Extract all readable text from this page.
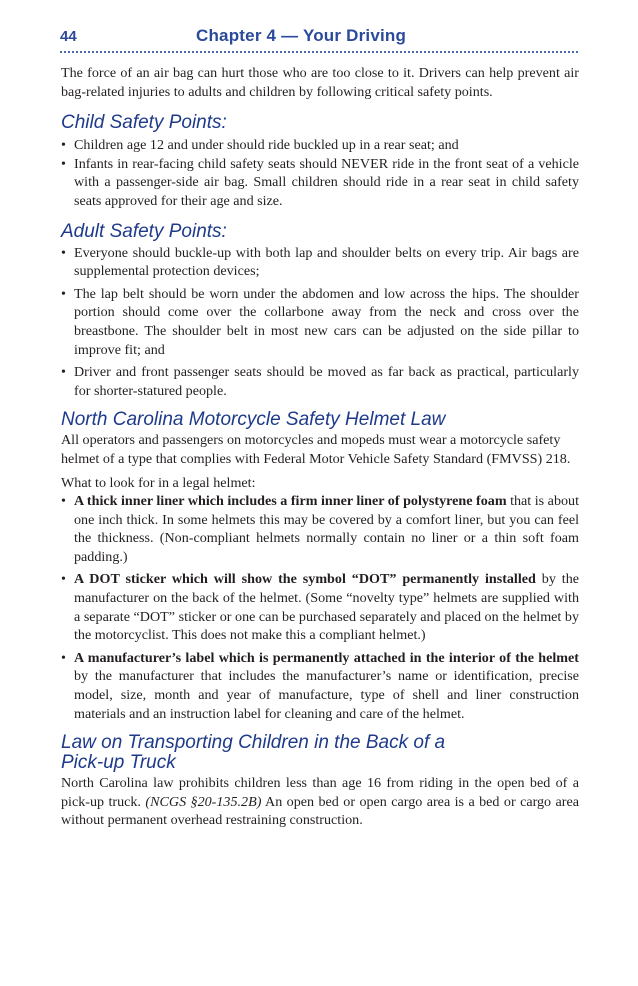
44	Chapter 4 — Your Driving

The force of an air bag can hurt those who are too close to it. Drivers can help prevent air bag-related injuries to adults and children by following critical safety points.

Child Safety Points:
• Children age 12 and under should ride buckled up in a rear seat; and
• Infants in rear-facing child safety seats should NEVER ride in the front seat of a vehicle with a passenger-side air bag. Small children should ride in a rear seat in child safety seats approved for their age and size.
Adult Safety Points:
• Everyone should buckle-up with both lap and shoulder belts on every trip. Air bags are supplemental protection devices;
• The lap belt should be worn under the abdomen and low across the hips. The shoulder portion should come over the collarbone away from the neck and cross over the breastbone. The shoulder belt in most new cars can be adjusted on the side pillar to improve fit; and
• Driver and front passenger seats should be moved as far back as practical, particularly for shorter-statured people.
North Carolina Motorcycle Safety Helmet Law

All operators and passengers on motorcycles and mopeds must wear a motorcycle safety helmet of a type that complies with Federal Motor Vehicle Safety Standard (FMVSS) 218.

What to look for in a legal helmet:

• A thick inner liner which includes a firm inner liner of polystyrene foam that is about one inch thick. In some helmets this may be covered by a comfort liner, but you can feel the thickness. (Non-compliant helmets normally contain no liner or a thin soft foam padding.)
• A DOT sticker which will show the symbol “DOT” permanently installed by the manufacturer on the back of the helmet. (Some “novelty type” helmets are supplied with a separate “DOT” sticker or one can be purchased separately and placed on the helmet by the motorcyclist. This does not make this a compliant helmet.)
• A manufacturer’s label which is permanently attached in the interior of the helmet by the manufacturer that includes the manufacturer’s name or identification, precise model, size, month and year of manufacture, type of shell and liner construction materials and an instruction label for cleaning and care of the helmet.
Law on Transporting Children in the Back of a
Pick-up Truck

North Carolina law prohibits children less than age 16 from riding in the open bed of a pick-up truck. (NCGS §20-135.2B) An open bed or open cargo area is a bed or cargo area without permanent overhead restraining construction.
